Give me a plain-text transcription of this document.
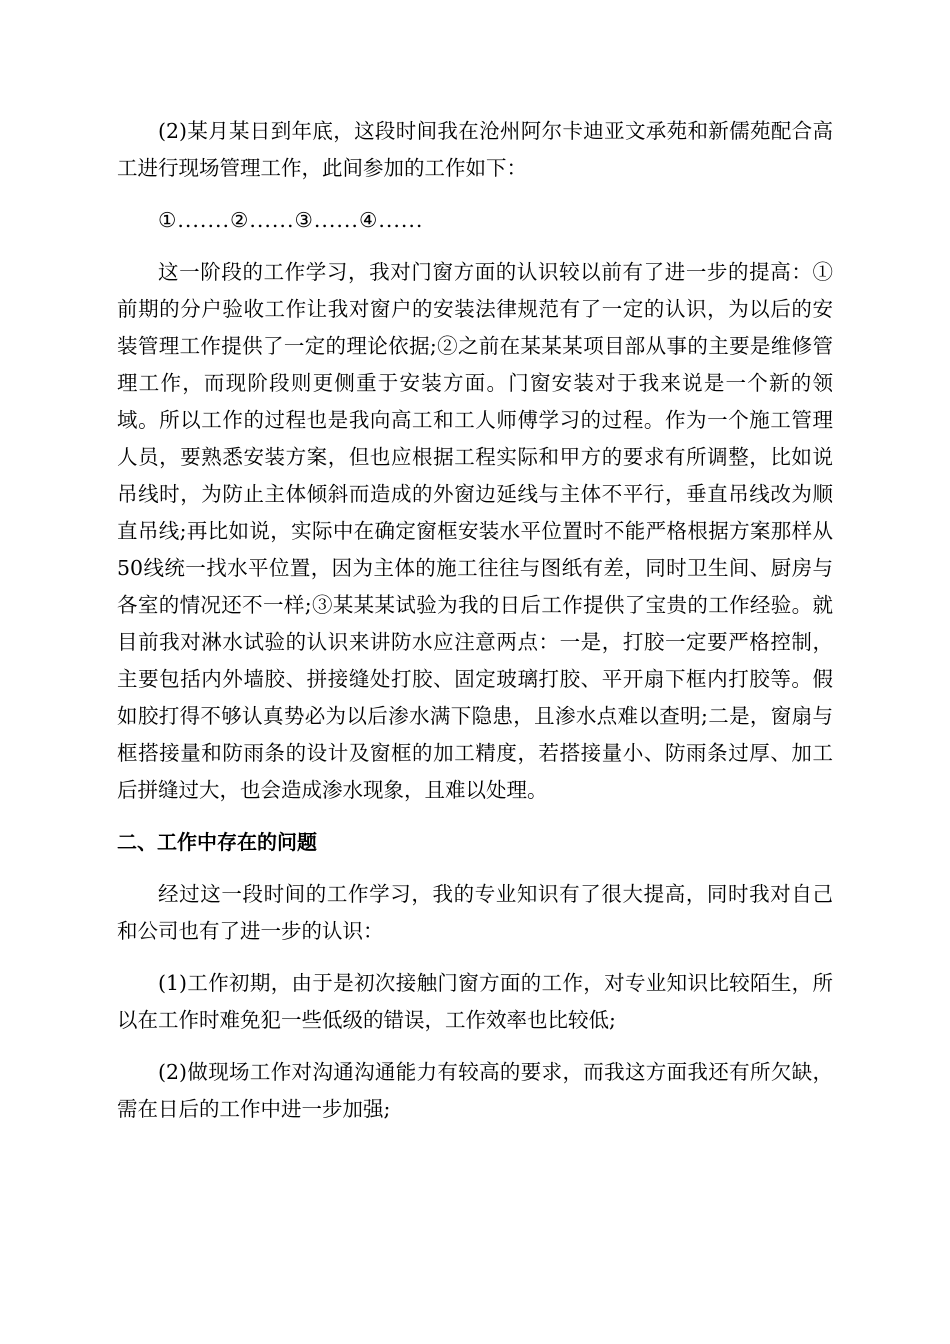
(2)某月某日到年底，这段时间我在沧州阿尔卡迪亚文承苑和新儒苑配合高工进行现场管理工作，此间参加的工作如下：

①.......②......③......④......

这一阶段的工作学习，我对门窗方面的认识较以前有了进一步的提高：①前期的分户验收工作让我对窗户的安装法律规范有了一定的认识，为以后的安装管理工作提供了一定的理论依据;②之前在某某某项目部从事的主要是维修管理工作，而现阶段则更侧重于安装方面。门窗安装对于我来说是一个新的领域。所以工作的过程也是我向高工和工人师傅学习的过程。作为一个施工管理人员，要熟悉安装方案，但也应根据工程实际和甲方的要求有所调整，比如说吊线时，为防止主体倾斜而造成的外窗边延线与主体不平行，垂直吊线改为顺直吊线;再比如说，实际中在确定窗框安装水平位置时不能严格根据方案那样从50线统一找水平位置，因为主体的施工往往与图纸有差，同时卫生间、厨房与各室的情况还不一样;③某某某试验为我的日后工作提供了宝贵的工作经验。就目前我对淋水试验的认识来讲防水应注意两点：一是，打胶一定要严格控制，主要包括内外墙胶、拼接缝处打胶、固定玻璃打胶、平开扇下框内打胶等。假如胶打得不够认真势必为以后渗水满下隐患，且渗水点难以查明;二是，窗扇与框搭接量和防雨条的设计及窗框的加工精度，若搭接量小、防雨条过厚、加工后拼缝过大，也会造成渗水现象，且难以处理。

二、工作中存在的问题

经过这一段时间的工作学习，我的专业知识有了很大提高，同时我对自己和公司也有了进一步的认识：

(1)工作初期，由于是初次接触门窗方面的工作，对专业知识比较陌生，所以在工作时难免犯一些低级的错误，工作效率也比较低;

(2)做现场工作对沟通沟通能力有较高的要求，而我这方面我还有所欠缺，需在日后的工作中进一步加强;
